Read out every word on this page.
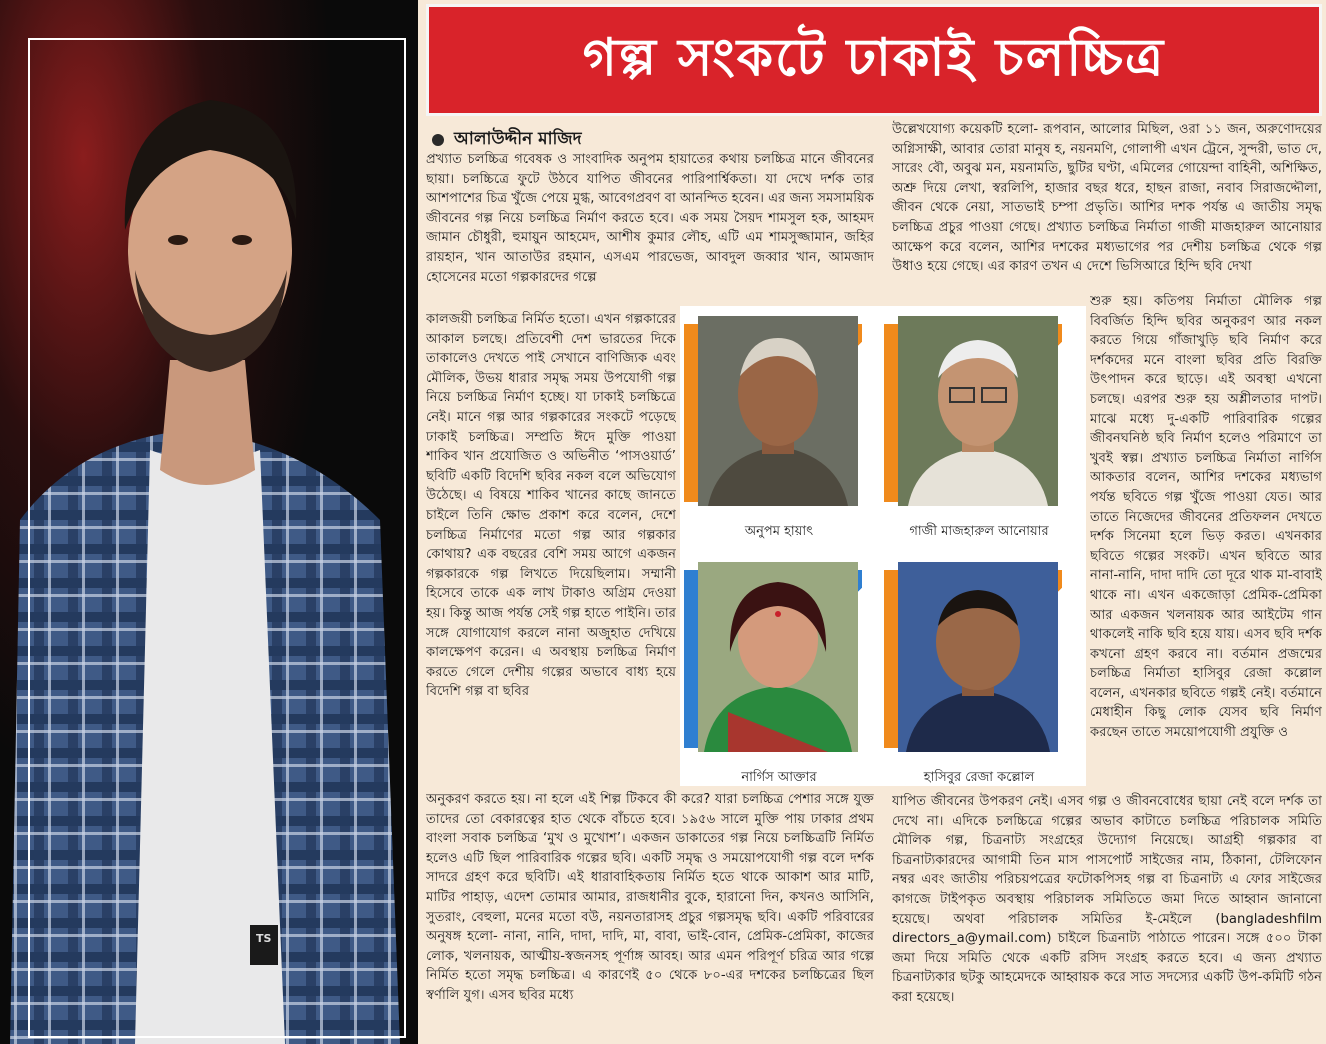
TS
গল্প সংকটে ঢাকাই চলচ্চিত্র
আলাউদ্দীন মাজিদ

প্রখ্যাত চলচ্চিত্র গবেষক ও সাংবাদিক অনুপম হায়াতের কথায় চলচ্চিত্র মানে জীবনের ছায়া। চলচ্চিত্রে ফুটে উঠবে যাপিত জীবনের পারিপার্শ্বিকতা। যা দেখে দর্শক তার আশপাশের চিত্র খুঁজে পেয়ে মুগ্ধ, আবেগপ্রবণ বা আনন্দিত হবেন। এর জন্য সমসাময়িক জীবনের গল্প নিয়ে চলচ্চিত্র নির্মাণ করতে হবে। এক সময় সৈয়দ শামসুল হক, আহমদ জামান চৌধুরী, হুমায়ুন আহমেদ, আশীষ কুমার লৌহ, এটি এম শামসুজ্জামান, জহির রায়হান, খান আতাউর রহমান, এসএম পারভেজ, আবদুল জব্বার খান, আমজাদ হোসেনের মতো গল্পকারদের গল্পে

কালজয়ী চলচ্চিত্র নির্মিত হতো। এখন গল্পকারের আকাল চলছে। প্রতিবেশী দেশ ভারতের দিকে তাকালেও দেখতে পাই সেখানে বাণিজ্যিক এবং মৌলিক, উভয় ধারার সমৃদ্ধ সময় উপযোগী গল্প নিয়ে চলচ্চিত্র নির্মাণ হচ্ছে। যা ঢাকাই চলচ্চিত্রে নেই। মানে গল্প আর গল্পকারের সংকটে পড়েছে ঢাকাই চলচ্চিত্র। সম্প্রতি ঈদে মুক্তি পাওয়া শাকিব খান প্রযোজিত ও অভিনীত ‘পাসওয়ার্ড’ ছবিটি একটি বিদেশি ছবির নকল বলে অভিযোগ উঠেছে। এ বিষয়ে শাকিব খানের কাছে জানতে চাইলে তিনি ক্ষোভ প্রকাশ করে বলেন, দেশে চলচ্চিত্র নির্মাণের মতো গল্প আর গল্পকার কোথায়? এক বছরের বেশি সময় আগে একজন গল্পকারকে গল্প লিখতে দিয়েছিলাম। সম্মানী হিসেবে তাকে এক লাখ টাকাও অগ্রিম দেওয়া হয়। কিন্তু আজ পর্যন্ত সেই গল্প হাতে পাইনি। তার সঙ্গে যোগাযোগ করলে নানা অজুহাত দেখিয়ে কালক্ষেপণ করেন। এ অবস্থায় চলচ্চিত্র নির্মাণ করতে গেলে দেশীয় গল্পের অভাবে বাধ্য হয়ে বিদেশি গল্প বা ছবির

অনুকরণ করতে হয়। না হলে এই শিল্প টিকবে কী করে? যারা চলচ্চিত্র পেশার সঙ্গে যুক্ত তাদের তো বেকারত্বের হাত থেকে বাঁচতে হবে। ১৯৫৬ সালে মুক্তি পায় ঢাকার প্রথম বাংলা সবাক চলচ্চিত্র ‘মুখ ও মুখোশ’। একজন ডাকাতের গল্প নিয়ে চলচ্চিত্রটি নির্মিত হলেও এটি ছিল পারিবারিক গল্পের ছবি। একটি সমৃদ্ধ ও সময়োপযোগী গল্প বলে দর্শক সাদরে গ্রহণ করে ছবিটি। এই ধারাবাহিকতায় নির্মিত হতে থাকে আকাশ আর মাটি, মাটির পাহাড়, এদেশ তোমার আমার, রাজধানীর বুকে, হারানো দিন, কখনও আসিনি, সুতরাং, বেহুলা, মনের মতো বউ, নয়নতারাসহ প্রচুর গল্পসমৃদ্ধ ছবি। একটি পরিবারের অনুষঙ্গ হলো- নানা, নানি, দাদা, দাদি, মা, বাবা, ভাই-বোন, প্রেমিক-প্রেমিকা, কাজের লোক, খলনায়ক, আত্মীয়-স্বজনসহ পূর্ণাঙ্গ আবহ। আর এমন পরিপূর্ণ চরিত্র আর গল্পে নির্মিত হতো সমৃদ্ধ চলচ্চিত্র। এ কারণেই ৫০ থেকে ৮০-এর দশকের চলচ্চিত্রের ছিল স্বর্ণালি যুগ। এসব ছবির মধ্যে

উল্লেখযোগ্য কয়েকটি হলো- রূপবান, আলোর মিছিল, ওরা ১১ জন, অরুণোদয়ের অগ্নিসাক্ষী, আবার তোরা মানুষ হ, নয়নমণি, গোলাপী এখন ট্রেনে, সুন্দরী, ভাত দে, সারেং বৌ, অবুঝ মন, ময়নামতি, ছুটির ঘণ্টা, এমিলের গোয়েন্দা বাহিনী, অশিক্ষিত, অশ্রু দিয়ে লেখা, স্বরলিপি, হাজার বছর ধরে, হাছন রাজা, নবাব সিরাজদ্দৌলা, জীবন থেকে নেয়া, সাতভাই চম্পা প্রভৃতি। আশির দশক পর্যন্ত এ জাতীয় সমৃদ্ধ চলচ্চিত্র প্রচুর পাওয়া গেছে। প্রখ্যাত চলচ্চিত্র নির্মাতা গাজী মাজহারুল আনোয়ার আক্ষেপ করে বলেন, আশির দশকের মধ্যভাগের পর দেশীয় চলচ্চিত্র থেকে গল্প উধাও হয়ে গেছে। এর কারণ তখন এ দেশে ভিসিআরে হিন্দি ছবি দেখা

শুরু হয়। কতিপয় নির্মাতা মৌলিক গল্প বিবর্জিত হিন্দি ছবির অনুকরণ আর নকল করতে গিয়ে গাঁজাখুড়ি ছবি নির্মাণ করে দর্শকদের মনে বাংলা ছবির প্রতি বিরক্তি উৎপাদন করে ছাড়ে। এই অবস্থা এখনো চলছে। এরপর শুরু হয় অশ্লীলতার দাপট। মাঝে মধ্যে দু-একটি পারিবারিক গল্পের জীবনঘনিষ্ঠ ছবি নির্মাণ হলেও পরিমাণে তা খুবই স্বল্প। প্রখ্যাত চলচ্চিত্র নির্মাতা নার্গিস আকতার বলেন, আশির দশকের মধ্যভাগ পর্যন্ত ছবিতে গল্প খুঁজে পাওয়া যেত। আর তাতে নিজেদের জীবনের প্রতিফলন দেখতে দর্শক সিনেমা হলে ভিড় করত। এখনকার ছবিতে গল্পের সংকট। এখন ছবিতে আর নানা-নানি, দাদা দাদি তো দূরে থাক মা-বাবাই থাকে না। এখন একজোড়া প্রেমিক-প্রেমিকা আর একজন খলনায়ক আর আইটেম গান থাকলেই নাকি ছবি হয়ে যায়। এসব ছবি দর্শক কখনো গ্রহণ করবে না। বর্তমান প্রজন্মের চলচ্চিত্র নির্মাতা হাসিবুর রেজা কল্লোল বলেন, এখনকার ছবিতে গল্পই নেই। বর্তমানে মেধাহীন কিছু লোক যেসব ছবি নির্মাণ করছেন তাতে সময়োপযোগী প্রযুক্তি ও

যাপিত জীবনের উপকরণ নেই। এসব গল্প ও জীবনবোধের ছায়া নেই বলে দর্শক তা দেখে না। এদিকে চলচ্চিত্রে গল্পের অভাব কাটাতে চলচ্চিত্র পরিচালক সমিতি মৌলিক গল্প, চিত্রনাট্য সংগ্রহের উদ্যোগ নিয়েছে। আগ্রহী গল্পকার বা চিত্রনাট্যকারদের আগামী তিন মাস পাসপোর্ট সাইজের নাম, ঠিকানা, টেলিফোন নম্বর এবং জাতীয় পরিচয়পত্রের ফটোকপিসহ গল্প বা চিত্রনাট্য এ ফোর সাইজের কাগজে টাইপকৃত অবস্থায় পরিচালক সমিতিতে জমা দিতে আহ্বান জানানো হয়েছে। অথবা পরিচালক সমিতির ই-মেইলে (bangladeshfilm directors_a@ymail.com) চাইলে চিত্রনাট্য পাঠাতে পারেন। সঙ্গে ৫০০ টাকা জমা দিয়ে সমিতি থেকে একটি রসিদ সংগ্রহ করতে হবে। এ জন্য প্রখ্যাত চিত্রনাট্যকার ছটকু আহমেদকে আহ্বায়ক করে সাত সদস্যের একটি উপ-কমিটি গঠন করা হয়েছে।

অনুপম হায়াৎ	গাজী মাজহারুল আনোয়ার
নার্গিস আক্তার	হাসিবুর রেজা কল্লোল
